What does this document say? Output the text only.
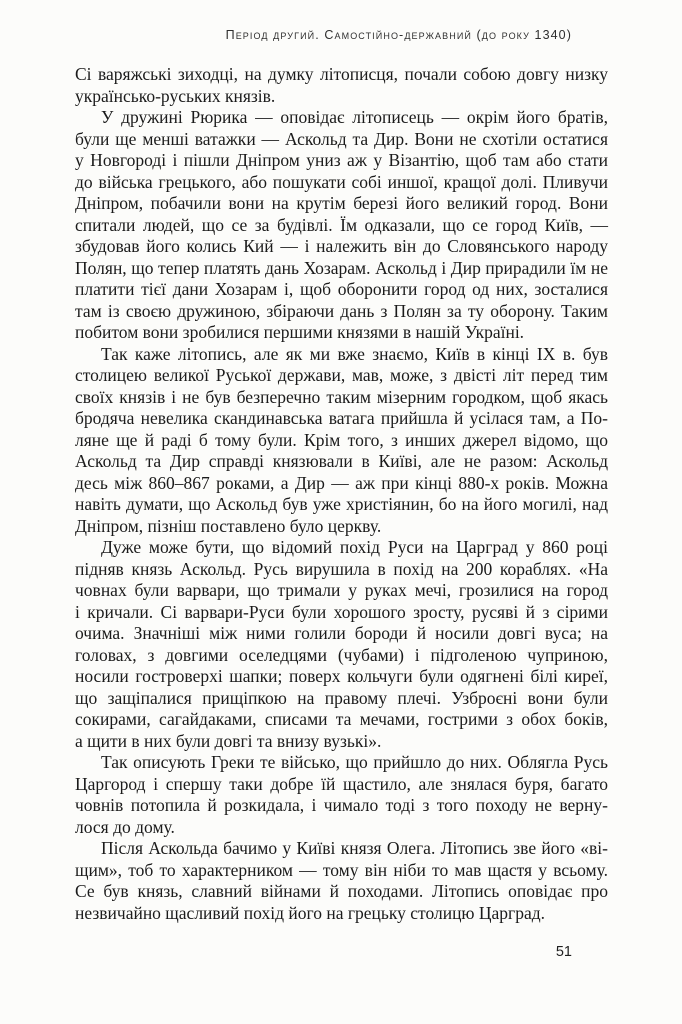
Період другий. Самостійно-державний (до року 1340)
Сі варяжські зиходці, на думку літописця, почали собою довгу низку
українсько-руських князів.
У дружині Рюрика — оповідає літописець — окрім його братів,
були ще менші ватажки — Аскольд та Дир. Вони не схотіли остатися
у Новгороді і пішли Дніпром униз аж у Візантію, щоб там або стати
до війська грецького, або пошукати собі иншої, кращої долі. Пливучи
Дніпром, побачили вони на крутім березі його великий город. Вони
спитали людей, що се за будівлі. Їм одказали, що се город Київ, —
збудовав його колись Кий — і належить він до Словянського народу
Полян, що тепер платять дань Хозарам. Аскольд і Дир прирадили їм не
платити тієї дани Хозарам і, щоб оборонити город од них, зосталися
там із своєю дружиною, збіраючи дань з Полян за ту оборону. Таким
побитом вони зробилися першими князями в нашій Україні.
Так каже літопись, але як ми вже знаємо, Київ в кінці IX в. був
столицею великої Руської держави, мав, може, з двісті літ перед тим
своїх князів і не був безперечно таким мізерним городком, щоб якась
бродяча невелика скандинавська ватага прийшла й усілася там, а По-
ляне ще й раді б тому були. Крім того, з инших джерел відомо, що
Аскольд та Дир справді князювали в Київі, але не разом: Аскольд
десь між 860–867 роками, а Дир — аж при кінці 880-х років. Можна
навіть думати, що Аскольд був уже христіянин, бо на його могилі, над
Дніпром, пізніш поставлено було церкву.
Дуже може бути, що відомий похід Руси на Царград у 860 році
підняв князь Аскольд. Русь вирушила в похід на 200 кораблях. «На
човнах були варвари, що тримали у руках мечі, грозилися на город
і кричали. Сі варвари-Руси були хорошого зросту, русяві й з сірими
очима. Значніші між ними голили бороди й носили довгі вуса; на
головах, з довгими оселедцями (чубами) і підголеною чуприною,
носили гостроверхі шапки; поверх кольчуги були одягнені білі киреї,
що защіпалися прищіпкою на правому плечі. Узброєні вони були
сокирами, сагайдаками, списами та мечами, гострими з обох боків,
а щити в них були довгі та внизу вузькі».
Так описують Греки те військо, що прийшло до них. Облягла Русь
Царгород і спершу таки добре їй щастило, але знялася буря, багато
човнів потопила й розкидала, і чимало тоді з того походу не верну-
лося до дому.
Після Аскольда бачимо у Київі князя Олега. Літопись зве його «ві-
щим», тоб то характерником — тому він ніби то мав щастя у всьому.
Се був князь, славний війнами й походами. Літопись оповідає про
незвичайно щасливий похід його на грецьку столицю Царград.
51
